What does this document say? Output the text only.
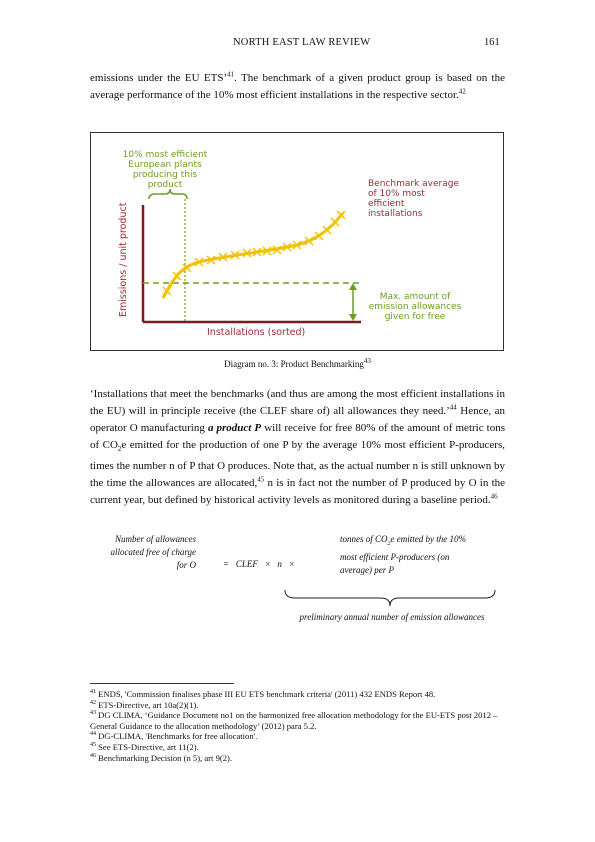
NORTH EAST LAW REVIEW	161
emissions under the EU ETS’$^{41}$. The benchmark of a given product group is based on the average performance of the 10% most efficient installations in the respective sector.$^{42}$
10% most efficient
European plants
producing this
product	Benchmark average
of 10% most
efficient
installations
Emissions / unit product
Installations (sorted)
Max. amount of
emission allowances
given for free
Diagram no. 3: Product Benchmarking$^{43}$
‘Installations that meet the benchmarks (and thus are among the most efficient installations in the EU) will in principle receive (the CLEF share of) all allowances they need.’$^{44}$ Hence, an operator O manufacturing a product P will receive for free 80% of the amount of metric tons of $CO_2e$ emitted for the production of one P by the average 10% most efficient P-producers, times the number n of P that O produces. Note that, as the actual number n is still unknown by the time the allowances are allocated,$^{45}$ n is in fact not the number of P produced by O in the current year, but defined by historical activity levels as monitored during a baseline period.$^{46}$
Number of allowances
allocated free of charge
for O	=   CLEF   ×   n   ×
tonnes of $CO_2e$ emitted by the 10%
most efficient P-producers (on
average) per P
preliminary annual number of emission allowances
$^{41}$ ENDS, 'Commission finalises phase III EU ETS benchmark criteria' (2011) 432 ENDS Report 48.
$^{42}$ ETS-Directive, art 10a(2)(1).
$^{43}$ DG CLIMA, ‘Guidance Document no1 on the harmonized free allocation methodology for the EU-ETS post 2012 – General Guidance to the allocation methodology’ (2012) para 5.2.
$^{44}$ DG-CLIMA, 'Benchmarks for free allocation'.
$^{45}$ See ETS-Directive, art 11(2).
$^{46}$ Benchmarking Decision (n 5), art 9(2).
